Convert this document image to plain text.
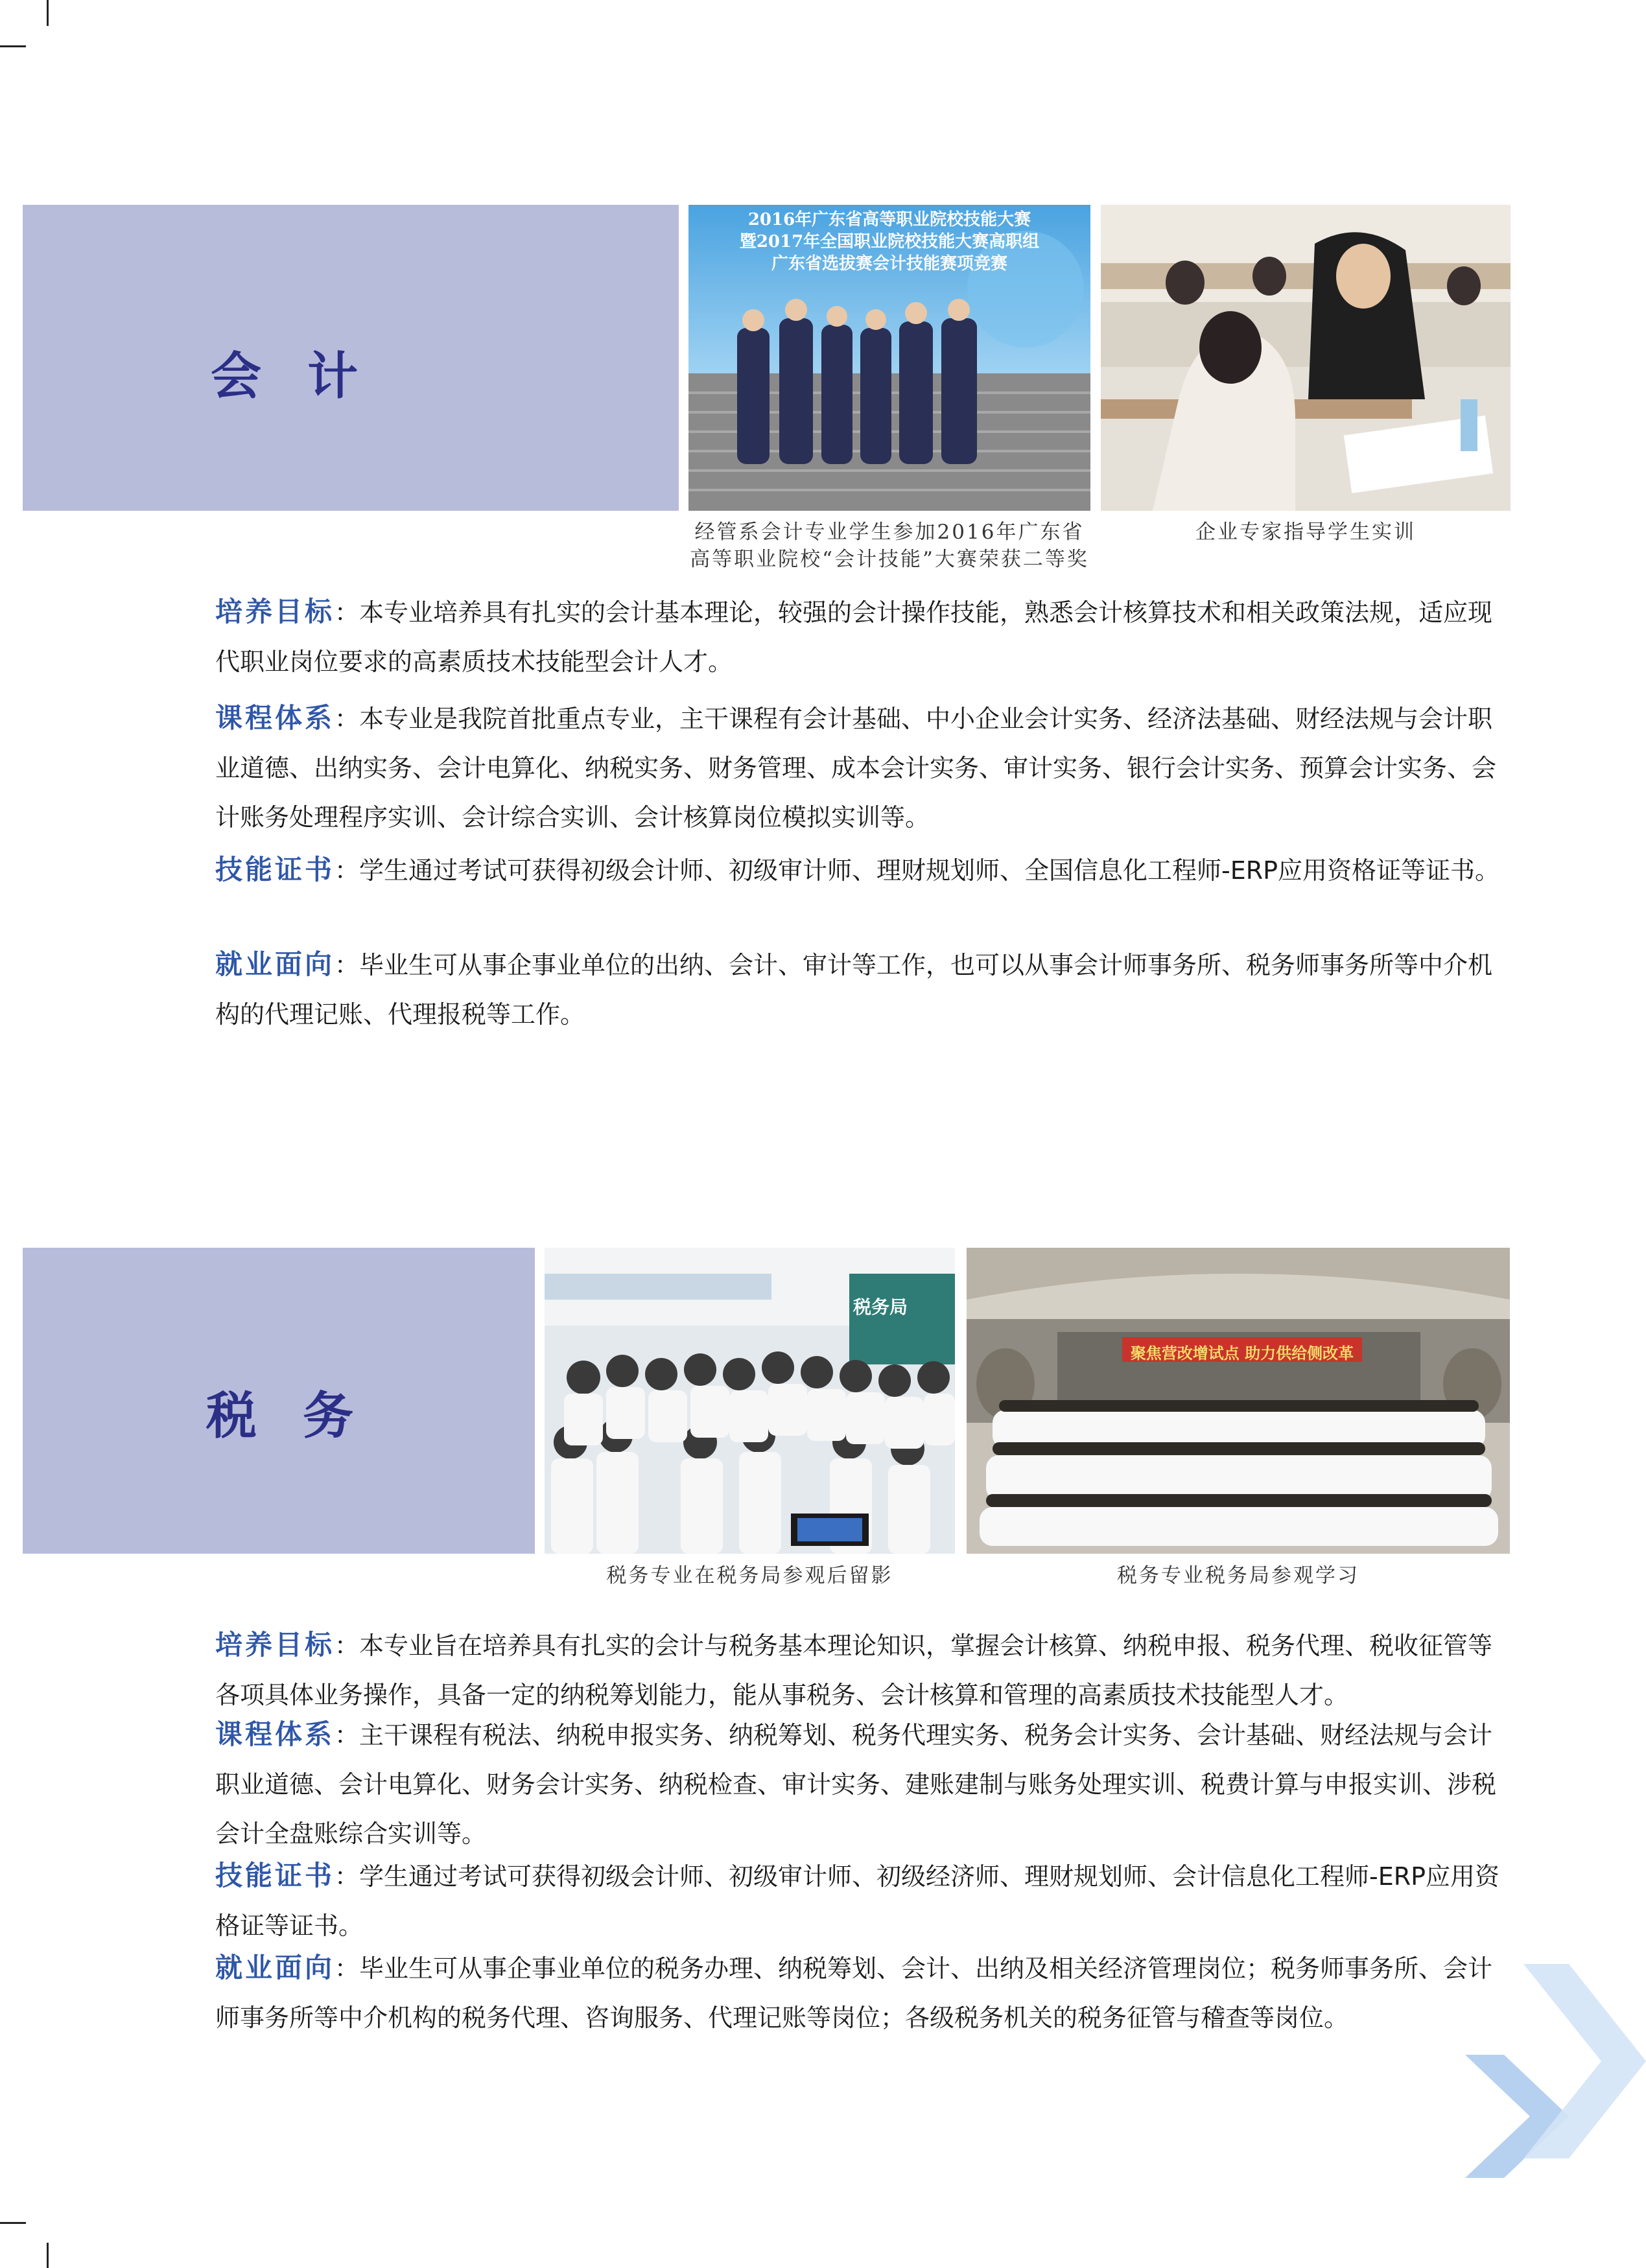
会 计
2016年广东省高等职业院校技能大赛
暨2017年全国职业院校技能大赛高职组
广东省选拔赛会计技能赛项竞赛
经管系会计专业学生参加2016年广东省高等职业院校“会计技能”大赛荣获二等奖
企业专家指导学生实训
培养目标：本专业培养具有扎实的会计基本理论，较强的会计操作技能，熟悉会计核算技术和相关政策法规，适应现代职业岗位要求的高素质技术技能型会计人才。
课程体系：本专业是我院首批重点专业，主干课程有会计基础、中小企业会计实务、经济法基础、财经法规与会计职业道德、出纳实务、会计电算化、纳税实务、财务管理、成本会计实务、审计实务、银行会计实务、预算会计实务、会计账务处理程序实训、会计综合实训、会计核算岗位模拟实训等。
技能证书：学生通过考试可获得初级会计师、初级审计师、理财规划师、全国信息化工程师-ERP应用资格证等证书。
就业面向：毕业生可从事企事业单位的出纳、会计、审计等工作，也可以从事会计师事务所、税务师事务所等中介机构的代理记账、代理报税等工作。
税 务
税务局
聚焦营改增试点 助力供给侧改革
税务专业在税务局参观后留影	税务专业税务局参观学习
培养目标：本专业旨在培养具有扎实的会计与税务基本理论知识，掌握会计核算、纳税申报、税务代理、税收征管等各项具体业务操作，具备一定的纳税筹划能力，能从事税务、会计核算和管理的高素质技术技能型人才。
课程体系：主干课程有税法、纳税申报实务、纳税筹划、税务代理实务、税务会计实务、会计基础、财经法规与会计职业道德、会计电算化、财务会计实务、纳税检查、审计实务、建账建制与账务处理实训、税费计算与申报实训、涉税会计全盘账综合实训等。
技能证书：学生通过考试可获得初级会计师、初级审计师、初级经济师、理财规划师、会计信息化工程师-ERP应用资格证等证书。
就业面向：毕业生可从事企事业单位的税务办理、纳税筹划、会计、出纳及相关经济管理岗位；税务师事务所、会计师事务所等中介机构的税务代理、咨询服务、代理记账等岗位；各级税务机关的税务征管与稽查等岗位。
